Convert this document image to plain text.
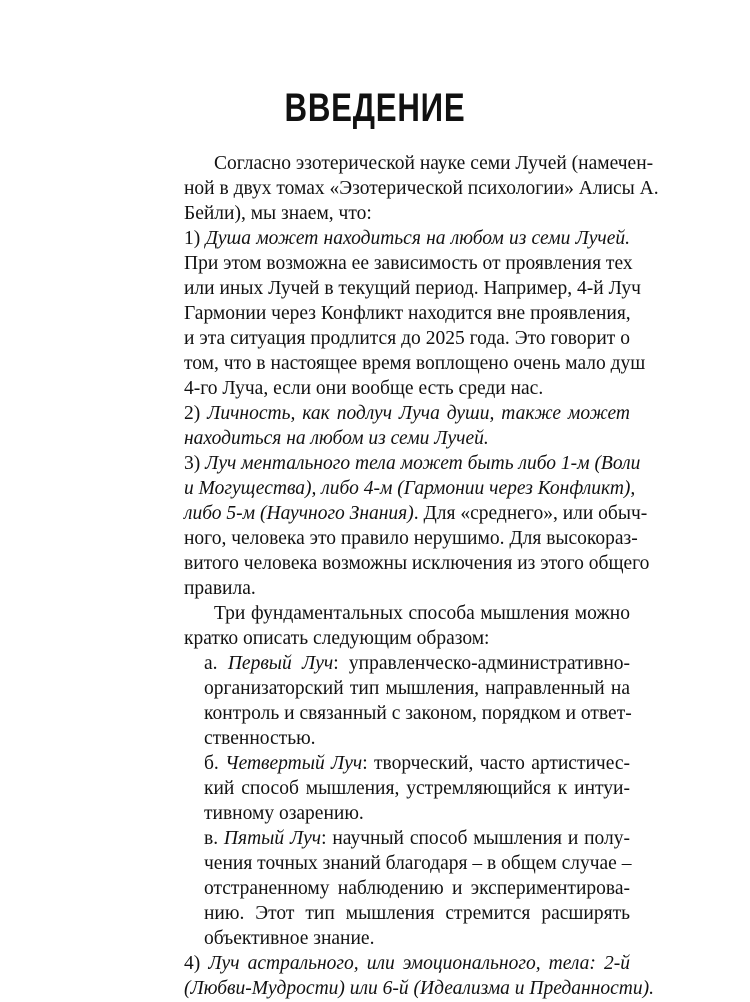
ВВЕДЕНИЕ
Согласно эзотерической науке семи Лучей (намечен-
ной в двух томах «Эзотерической психологии» Алисы А.
Бейли), мы знаем, что:
1) Душа может находиться на любом из семи Лучей.
При этом возможна ее зависимость от проявления тех
или иных Лучей в текущий период. Например, 4-й Луч
Гармонии через Конфликт находится вне проявления,
и эта ситуация продлится до 2025 года. Это говорит о
том, что в настоящее время воплощено очень мало душ
4-го Луча, если они вообще есть среди нас.
2) Личность, как подлуч Луча души, также может
находиться на любом из семи Лучей.
3) Луч ментального тела может быть либо 1-м (Воли
и Могущества), либо 4-м (Гармонии через Конфликт),
либо 5-м (Научного Знания). Для «среднего», или обыч-
ного, человека это правило нерушимо. Для высокораз-
витого человека возможны исключения из этого общего
правила.
Три фундаментальных способа мышления можно
кратко описать следующим образом:
а. Первый Луч: управленческо-административно-
организаторский тип мышления, направленный на
контроль и связанный с законом, порядком и ответ-
ственностью.
б. Четвертый Луч: творческий, часто артистичес-
кий способ мышления, устремляющийся к интуи-
тивному озарению.
в. Пятый Луч: научный способ мышления и полу-
чения точных знаний благодаря – в общем случае –
отстраненному наблюдению и экспериментирова-
нию. Этот тип мышления стремится расширять
объективное знание.
4) Луч астрального, или эмоционального, тела: 2-й
(Любви-Мудрости) или 6-й (Идеализма и Преданности).
